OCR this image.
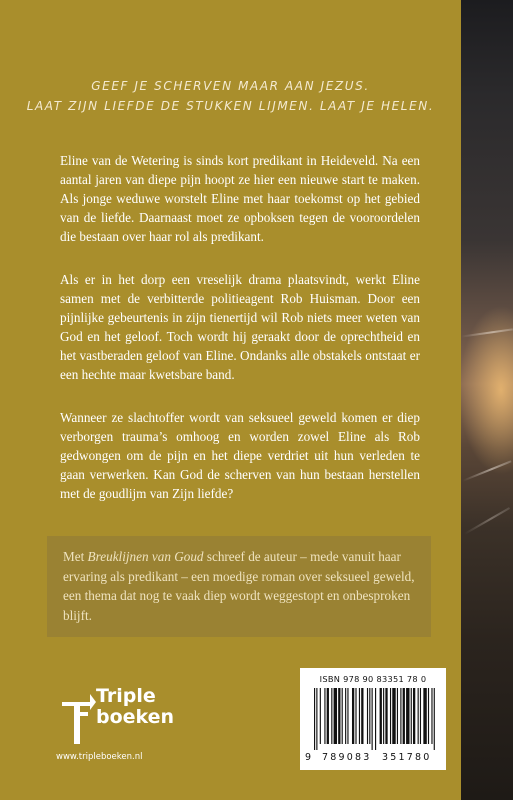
GEEF JE SCHERVEN MAAR AAN JEZUS.
LAAT ZIJN LIEFDE DE STUKKEN LIJMEN. LAAT JE HELEN.

Eline van de Wetering is sinds kort predikant in Heideveld. Na een aantal jaren van diepe pijn hoopt ze hier een nieuwe start te maken. Als jonge weduwe worstelt Eline met haar toekomst op het gebied van de liefde. Daarnaast moet ze opboksen tegen de vooroordelen die bestaan over haar rol als predikant.

Als er in het dorp een vreselijk drama plaatsvindt, werkt Eline samen met de verbitterde politieagent Rob Huisman. Door een pijnlijke gebeurtenis in zijn tienertijd wil Rob niets meer weten van God en het geloof. Toch wordt hij geraakt door de oprechtheid en het vastberaden geloof van Eline. Ondanks alle obstakels ontstaat er een hechte maar kwetsbare band.

Wanneer ze slachtoffer wordt van seksueel geweld komen er diep verborgen trauma’s omhoog en worden zowel Eline als Rob gedwongen om de pijn en het diepe verdriet uit hun verleden te gaan verwerken. Kan God de scherven van hun bestaan herstellen met de goudlijm van Zijn liefde?

Met Breuklijnen van Goud schreef de auteur – mede vanuit haar ervaring als predikant – een moedige roman over seksueel geweld, een thema dat nog te vaak diep wordt weggestopt en onbesproken blijft.

Triple
boeken
www.tripleboeken.nl
ISBN 978 90 83351 78 0
9 789083 351780
